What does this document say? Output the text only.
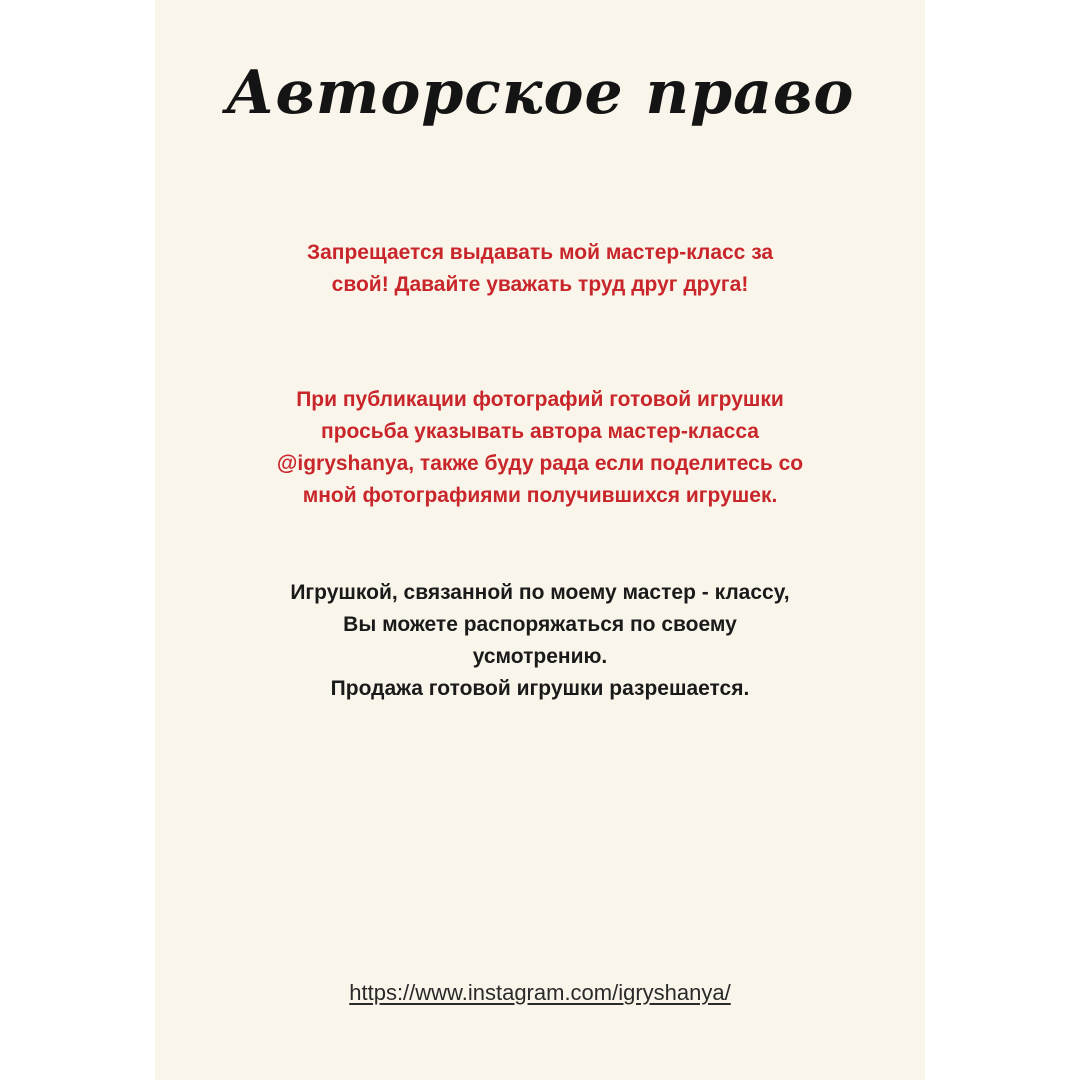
Авторское право
Запрещается выдавать мой мастер-класс за
свой! Давайте уважать труд друг друга!
При публикации фотографий готовой игрушки
просьба указывать автора мастер-класса
@igryshanya, также буду рада если поделитесь со
мной фотографиями получившихся игрушек.
Игрушкой, связанной по моему мастер - классу,
Вы можете распоряжаться по своему
усмотрению.
Продажа готовой игрушки разрешается.
https://www.instagram.com/igryshanya/
